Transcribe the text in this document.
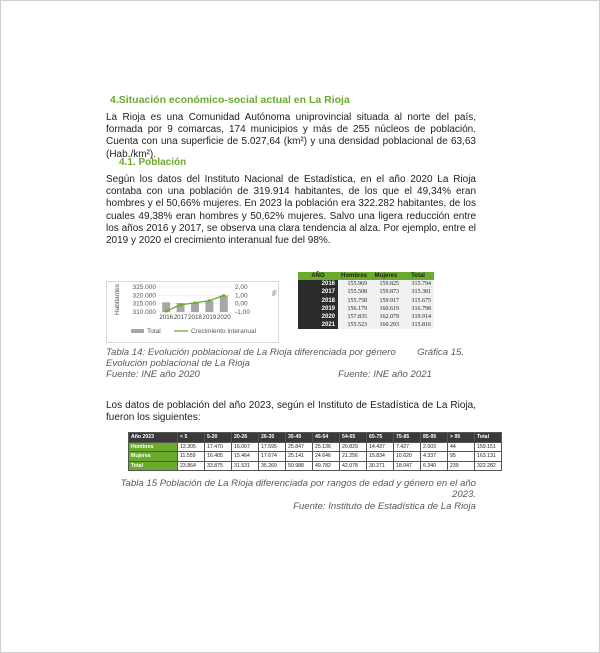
4.Situación económico-social actual en La Rioja
La Rioja es una Comunidad Autónoma uniprovincial situada al norte del país, formada por 9 comarcas, 174 municipios y más de 255 núcleos de población. Cuenta con una superficie de 5.027,64 (km²) y una densidad poblacional de 63,63 (Hab./km²).
4.1. Población
Según los datos del Instituto Nacional de Estadística, en el año 2020 La Rioja contaba con una población de 319.914 habitantes, de los que el 49,34% eran hombres y el 50,66% mujeres. En 2023 la población era 322.282 habitantes, de los cuales 49,38% eran hombres y 50,62% mujeres. Salvo una ligera reducción entre los años 2016 y 2017, se observa una clara tendencia al alza. Por ejemplo, entre el 2019 y 2020 el crecimiento interanual fue del 98%.
325.000
320.000
315.000
310.000
2,00
1,00
0,00
-1,00
Habitantes	%
2016 2017 2018 2019 2020
Total	Crecimiento interanual
AÑO	Hombres	Mujeres	Total
2016	155.969	159.825	315.794
2017	155.508	159.873	315.381
2018	155.758	159.917	315.675
2019	156.179	160.619	316.798
2020	157.835	162.079	319.914
2021	155.523	160.293	315.816
Tabla 14: Evolución poblacional de La Rioja diferenciada por género Gráfica 15. Evolución poblacional de La Rioja
Fuente: INE año 2020	Fuente: INE año 2021
Los datos de población del año 2023, según el Instituto de Estadística de La Rioja, fueron los siguientes:
Año 2023	< 5	5-20	20-26	26-35	35-45	45-54	54-65	65-75	75-85	85-95	> 95	Total
Hombres	12.305	17.470	16.067	17.595	25.847	25.136	20.829	14.437	7.427	2.003	44	159.151
Mujeres	11.559	16.405	15.464	17.674	25.141	24.646	21.256	15.834	10.620	4.337	95	163.131
Total	23.864	33.875	31.531	35.269	50.988	49.782	42.078	30.271	18.047	6.340	239	322.282
Tabla 15 Población de La Rioja diferenciada por rangos de edad y género en el año 2023.
Fuente: Instituto de Estadística de La Rioja
